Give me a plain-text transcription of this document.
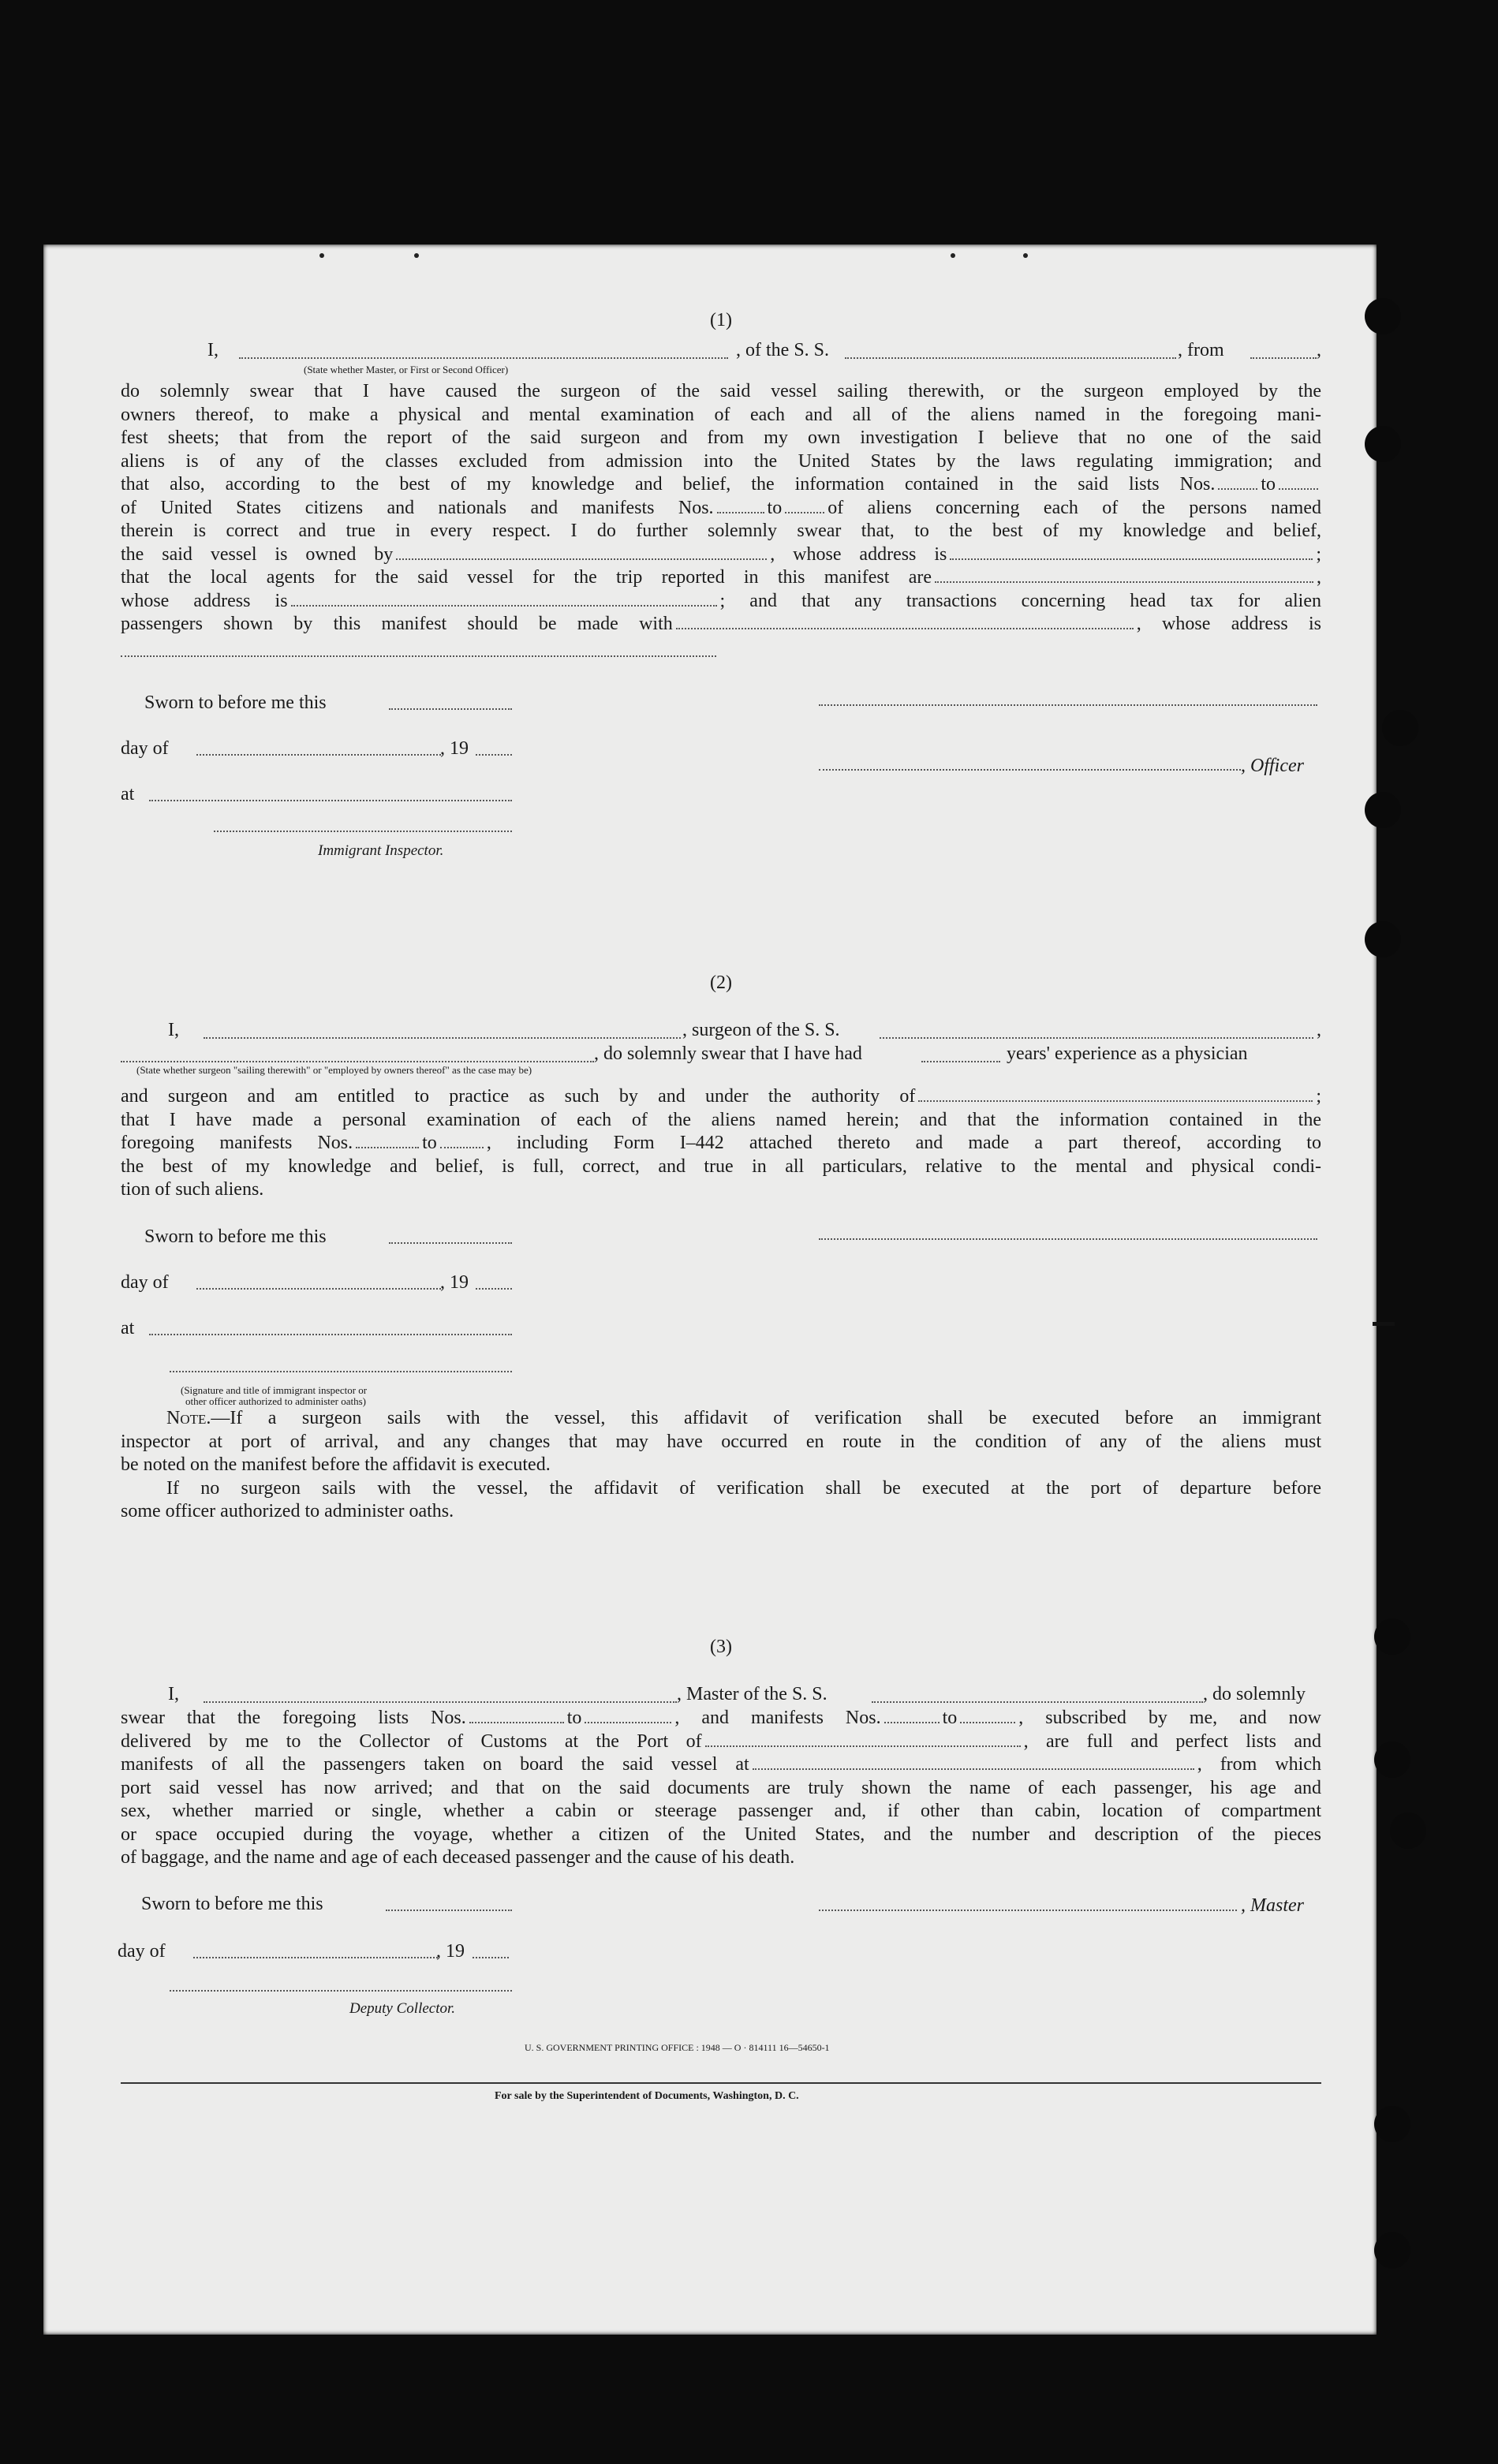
(1)
I,	, of the S. S.	, from	,
(State whether Master, or First or Second Officer)
do solemnly swear that I have caused the surgeon of the said vessel sailing therewith, or the surgeon employed by the
owners thereof, to make a physical and mental examination of each and all of the aliens named in the foregoing mani-
fest sheets; that from the report of the said surgeon and from my own investigation I believe that no one of the said
aliens is of any of the classes excluded from admission into the United States by the laws regulating immigration; and
that also, according to the best of my knowledge and belief, the information contained in the said lists Nos. to
of United States citizens and nationals and manifests Nos.	to of aliens concerning each of the persons named
therein is correct and true in every respect. I do further solemnly swear that, to the best of my knowledge and belief,
the said vessel is owned by	, whose address is	;
that the local agents for the said vessel for the trip reported in this manifest are	,
whose address is	; and that any transactions concerning head tax for alien
passengers shown by this manifest should be made with	, whose address is
Sworn to before me this
day of	, 19
, Officer
at
Immigrant Inspector.
(2)
I,	, surgeon of the S. S.	,
, do solemnly swear that I have had	years' experience as a physician
(State whether surgeon "sailing therewith" or "employed by owners thereof" as the case may be)
and surgeon and am entitled to practice as such by and under the authority of	;
that I have made a personal examination of each of the aliens named herein; and that the information contained in the
foregoing manifests Nos.	to	, including Form I–442 attached thereto and made a part thereof, according to
the best of my knowledge and belief, is full, correct, and true in all particulars, relative to the mental and physical condi-
tion of such aliens.
Sworn to before me this
day of	, 19
at
(Signature and title of immigrant inspector or
other officer authorized to administer oaths)
Note.—If a surgeon sails with the vessel, this affidavit of verification shall be executed before an immigrant
inspector at port of arrival, and any changes that may have occurred en route in the condition of any of the aliens must
be noted on the manifest before the affidavit is executed.
If no surgeon sails with the vessel, the affidavit of verification shall be executed at the port of departure before
some officer authorized to administer oaths.
(3)
I,	, Master of the S. S.	, do solemnly
swear that the foregoing lists Nos.	to	, and manifests Nos.	to	, subscribed by me, and now
delivered by me to the Collector of Customs at the Port of	, are full and perfect lists and
manifests of all the passengers taken on board the said vessel at	, from which
port said vessel has now arrived; and that on the said documents are truly shown the name of each passenger, his age and
sex, whether married or single, whether a cabin or steerage passenger and, if other than cabin, location of compartment
or space occupied during the voyage, whether a citizen of the United States, and the number and description of the pieces
of baggage, and the name and age of each deceased passenger and the cause of his death.
Sworn to before me this	, Master
day of	, 19
Deputy Collector.
U. S. GOVERNMENT PRINTING OFFICE : 1948 — O · 814111 16—54650-1
For sale by the Superintendent of Documents, Washington, D. C.
